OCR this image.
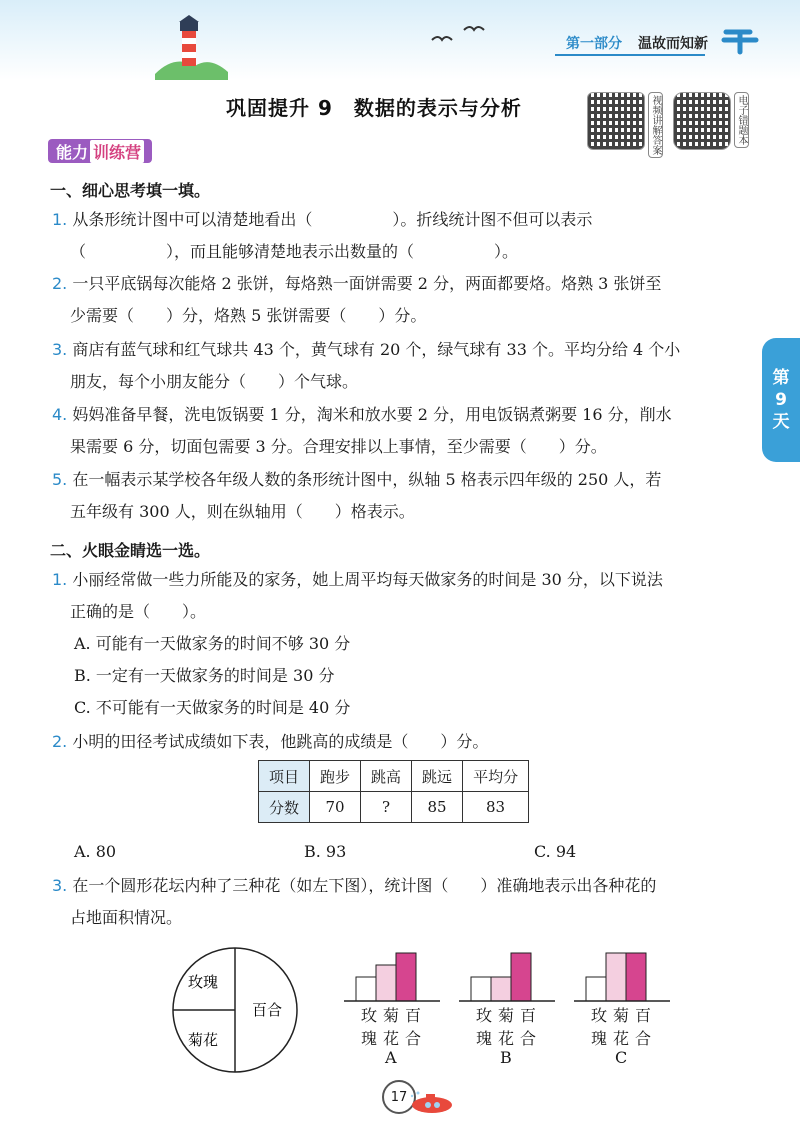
第一部分 温故而知新
巩固提升 9　数据的表示与分析	视频讲解答案	电子错题本
能力 训练营
第
9
天
一、细心思考填一填。
1. 从条形统计图中可以清楚地看出（　　　　　）。折线统计图不但可以表示
（　　　　　），而且能够清楚地表示出数量的（　　　　　）。
2. 一只平底锅每次能烙 2 张饼，每烙熟一面饼需要 2 分，两面都要烙。烙熟 3 张饼至
少需要（　　）分，烙熟 5 张饼需要（　　）分。
3. 商店有蓝气球和红气球共 43 个，黄气球有 20 个，绿气球有 33 个。平均分给 4 个小
朋友，每个小朋友能分（　　）个气球。
4. 妈妈准备早餐，洗电饭锅要 1 分，淘米和放水要 2 分，用电饭锅煮粥要 16 分，削水
果需要 6 分，切面包需要 3 分。合理安排以上事情，至少需要（　　）分。
5. 在一幅表示某学校各年级人数的条形统计图中，纵轴 5 格表示四年级的 250 人，若
五年级有 300 人，则在纵轴用（　　）格表示。
二、火眼金睛选一选。
1. 小丽经常做一些力所能及的家务，她上周平均每天做家务的时间是 30 分，以下说法
正确的是（　　）。
A. 可能有一天做家务的时间不够 30 分
B. 一定有一天做家务的时间是 30 分
C. 不可能有一天做家务的时间是 40 分
2. 小明的田径考试成绩如下表，他跳高的成绩是（　　）分。
项目	跑步	跳高	跳远	平均分
分数	70	?	85	83
A. 80	B. 93	C. 94
3. 在一个圆形花坛内种了三种花（如左下图），统计图（　　）准确地表示出各种花的
占地面积情况。
玫瑰
菊花
百合	玫菊百
瑰花合
玫菊百
瑰花合
玫菊百
瑰花合
A	B	C
17
